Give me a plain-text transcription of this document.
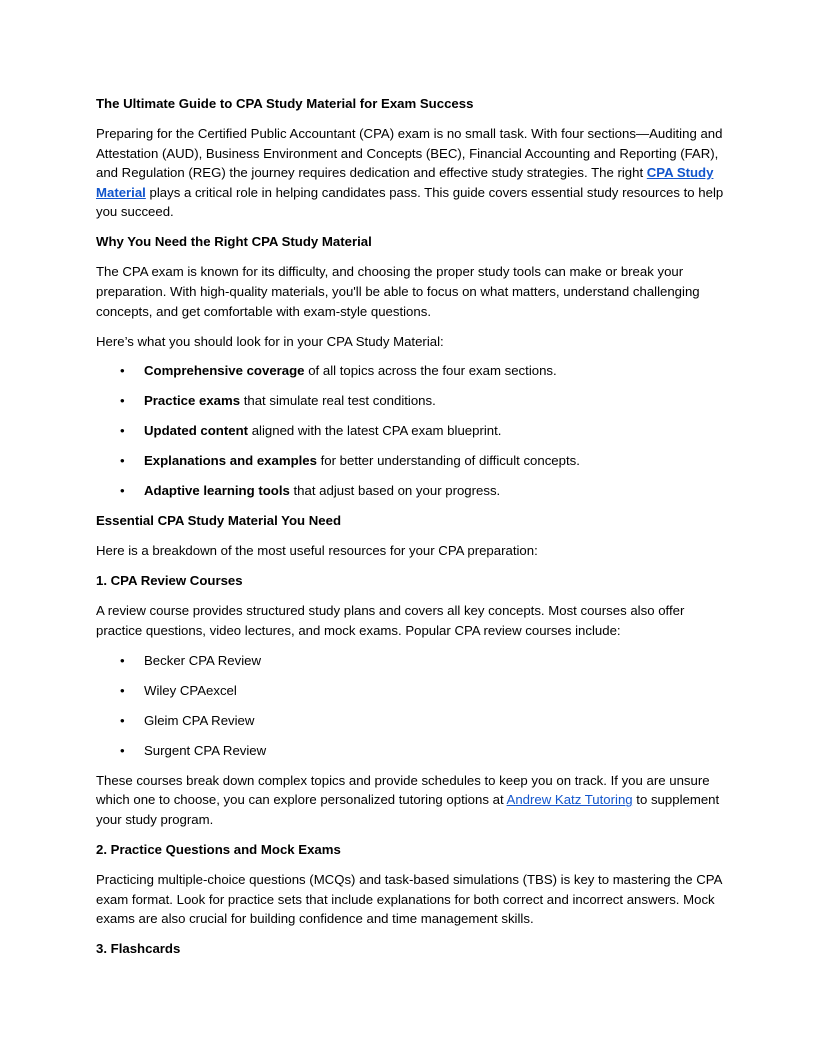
The Ultimate Guide to CPA Study Material for Exam Success

Preparing for the Certified Public Accountant (CPA) exam is no small task. With four sections—Auditing and Attestation (AUD), Business Environment and Concepts (BEC), Financial Accounting and Reporting (FAR), and Regulation (REG) the journey requires dedication and effective study strategies. The right CPA Study Material plays a critical role in helping candidates pass. This guide covers essential study resources to help you succeed.

Why You Need the Right CPA Study Material

The CPA exam is known for its difficulty, and choosing the proper study tools can make or break your preparation. With high-quality materials, you'll be able to focus on what matters, understand challenging concepts, and get comfortable with exam-style questions.

Here’s what you should look for in your CPA Study Material:

• Comprehensive coverage of all topics across the four exam sections.
• Practice exams that simulate real test conditions.
• Updated content aligned with the latest CPA exam blueprint.
• Explanations and examples for better understanding of difficult concepts.
• Adaptive learning tools that adjust based on your progress.

Essential CPA Study Material You Need

Here is a breakdown of the most useful resources for your CPA preparation:

1. CPA Review Courses

A review course provides structured study plans and covers all key concepts. Most courses also offer practice questions, video lectures, and mock exams. Popular CPA review courses include:

• Becker CPA Review
• Wiley CPAexcel
• Gleim CPA Review
• Surgent CPA Review

These courses break down complex topics and provide schedules to keep you on track. If you are unsure which one to choose, you can explore personalized tutoring options at Andrew Katz Tutoring to supplement your study program.

2. Practice Questions and Mock Exams

Practicing multiple-choice questions (MCQs) and task-based simulations (TBS) is key to mastering the CPA exam format. Look for practice sets that include explanations for both correct and incorrect answers. Mock exams are also crucial for building confidence and time management skills.

3. Flashcards
